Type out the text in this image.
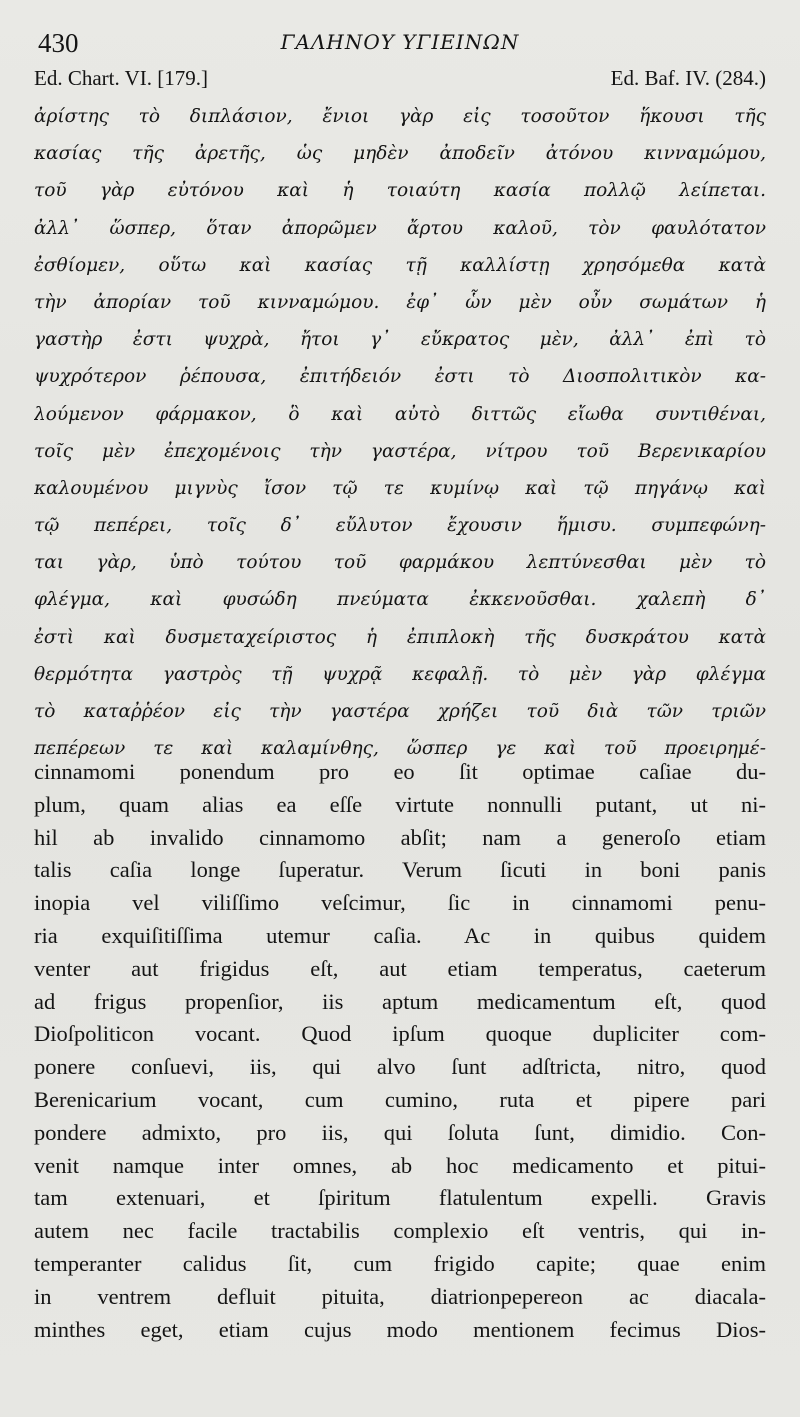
430	ΓΑΛΗΝΟΥ ΥΓΙΕΙΝΩΝ
Ed. Chart. VI. [179.]	Ed. Baf. IV. (284.)
ἀρίστης τὸ διπλάσιον, ἔνιοι γὰρ εἰς τοσοῦτον ἥκουσι τῆς
κασίας τῆς ἀρετῆς, ὡς μηδὲν ἀποδεῖν ἀτόνου κινναμώμου,
τοῦ γὰρ εὐτόνου καὶ ἡ τοιαύτη κασία πολλῷ λείπεται.
ἀλλ᾽ ὥσπερ, ὅταν ἀπορῶμεν ἄρτου καλοῦ, τὸν φαυλότατον
ἐσθίομεν, οὕτω καὶ κασίας τῇ καλλίστῃ χρησόμεθα κατὰ
τὴν ἀπορίαν τοῦ κινναμώμου. ἐφ᾽ ὧν μὲν οὖν σωμάτων ἡ
γαστὴρ ἐστι ψυχρὰ, ἤτοι γ᾽ εὔκρατος μὲν, ἀλλ᾽ ἐπὶ τὸ
ψυχρότερον ῥέπουσα, ἐπιτήδειόν ἐστι τὸ Διοσπολιτικὸν κα-
λούμενον φάρμακον, ὃ καὶ αὐτὸ διττῶς εἴωθα συντιθέναι,
τοῖς μὲν ἐπεχομένοις τὴν γαστέρα, νίτρου τοῦ Βερενικαρίου
καλουμένου μιγνὺς ἴσον τῷ τε κυμίνῳ καὶ τῷ πηγάνῳ καὶ
τῷ πεπέρει, τοῖς δ᾽ εὔλυτον ἔχουσιν ἥμισυ. συμπεφώνη-
ται γὰρ, ὑπὸ τούτου τοῦ φαρμάκου λεπτύνεσθαι μὲν τὸ
φλέγμα, καὶ φυσώδη πνεύματα ἐκκενοῦσθαι. χαλεπὴ δ᾽
ἐστὶ καὶ δυσμεταχείριστος ἡ ἐπιπλοκὴ τῆς δυσκράτου κατὰ
θερμότητα γαστρὸς τῇ ψυχρᾷ κεφαλῇ. τὸ μὲν γὰρ φλέγμα
τὸ καταῤῥέον εἰς τὴν γαστέρα χρήζει τοῦ διὰ τῶν τριῶν
πεπέρεων τε καὶ καλαμίνθης, ὥσπερ γε καὶ τοῦ προειρημέ-
cinnamomi ponendum pro eo ſit optimae caſiae du-
plum, quam alias ea eſſe virtute nonnulli putant, ut ni-
hil ab invalido cinnamomo abſit; nam a generoſo etiam
talis caſia longe ſuperatur. Verum ſicuti in boni panis
inopia vel viliſſimo veſcimur, ſic in cinnamomi penu-
ria exquiſitiſſima utemur caſia. Ac in quibus quidem
venter aut frigidus eſt, aut etiam temperatus, caeterum
ad frigus propenſior, iis aptum medicamentum eſt, quod
Dioſpoliticon vocant. Quod ipſum quoque dupliciter com-
ponere conſuevi, iis, qui alvo ſunt adſtricta, nitro, quod
Berenicarium vocant, cum cumino, ruta et pipere pari
pondere admixto, pro iis, qui ſoluta ſunt, dimidio. Con-
venit namque inter omnes, ab hoc medicamento et pitui-
tam extenuari, et ſpiritum flatulentum expelli. Gravis
autem nec facile tractabilis complexio eſt ventris, qui in-
temperanter calidus ſit, cum frigido capite; quae enim
in ventrem defluit pituita, diatrionpepereon ac diacala-
minthes eget, etiam cujus modo mentionem fecimus Dios-
